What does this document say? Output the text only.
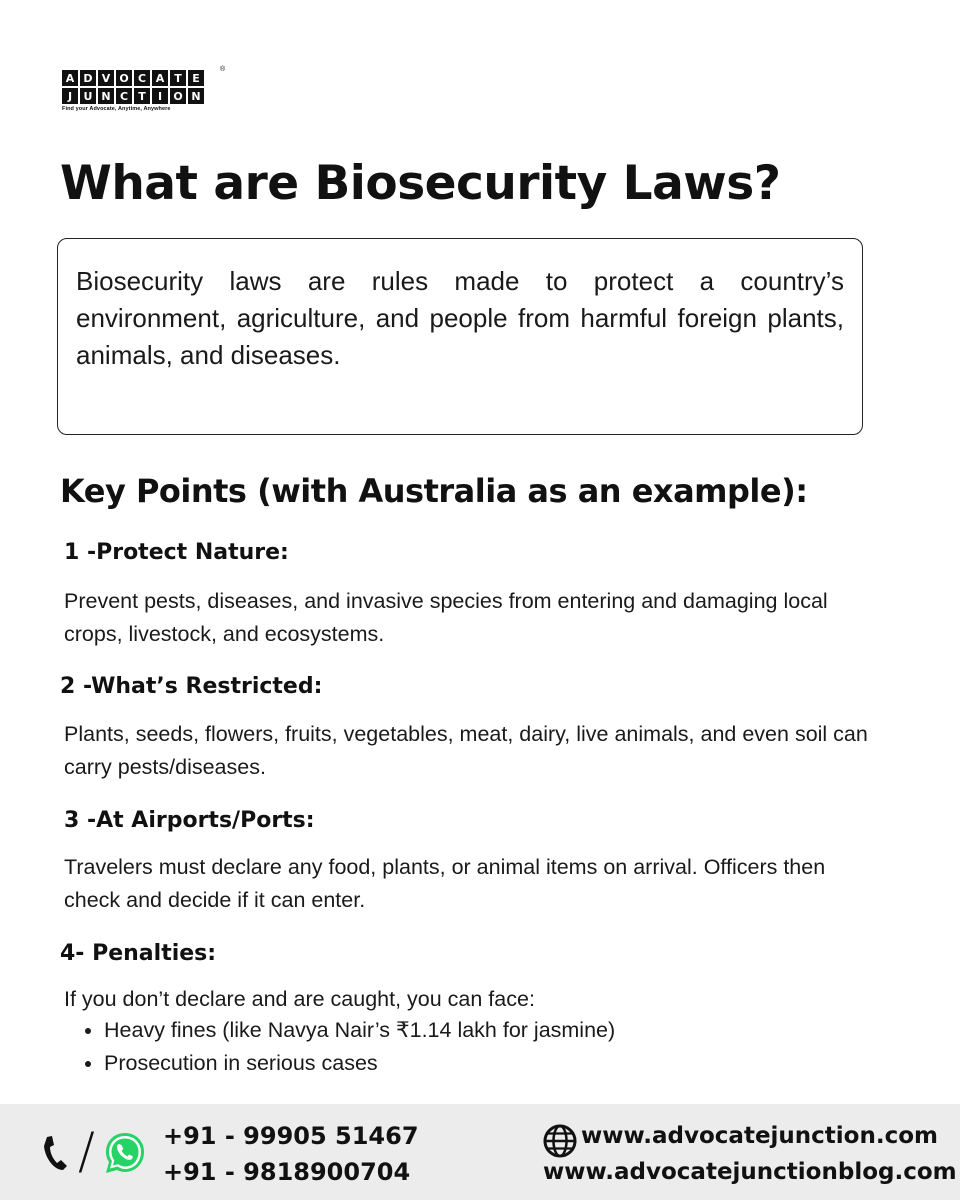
®
A D V O C A T E
J	U N C T	I	O N
Find your Advocate, Anytime, Anywhere
What are Biosecurity Laws?

Biosecurity laws are rules made to protect a country’s environment, agriculture, and people from harmful foreign plants, animals, and diseases.

Key Points (with Australia as an example):
1 -Protect Nature:

Prevent pests, diseases, and invasive species from entering and damaging local crops, livestock, and ecosystems.

2 -What’s Restricted:

Plants, seeds, flowers, fruits, vegetables, meat, dairy, live animals, and even soil can carry pests/diseases.

3 -At Airports/Ports:

Travelers must declare any food, plants, or animal items on arrival. Officers then check and decide if it can enter.

4- Penalties:

If you don’t declare and are caught, you can face:

• Heavy fines (like Navya Nair’s ₹1.14 lakh for jasmine)
• Prosecution in serious cases
/	+91 - 99905 51467
+91 - 9818900704
www.advocatejunction.com
www.advocatejunctionblog.com
